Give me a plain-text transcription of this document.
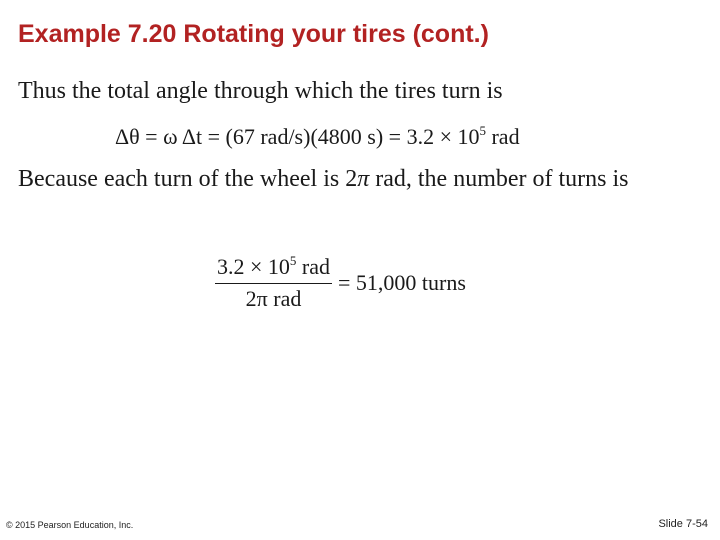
Example 7.20 Rotating your tires (cont.)
Thus the total angle through which the tires turn is
Δθ = ω Δt = (67 rad/s)(4800 $s) = 3.2 \times 10^5$ rad
Because each turn of the wheel is 2π rad, the number of turns is
$\frac{3.2 \times 10^5 rad}{\text{2π rad}} = 51,000$ turns
© 2015 Pearson Education, Inc.	Slide 7-54
